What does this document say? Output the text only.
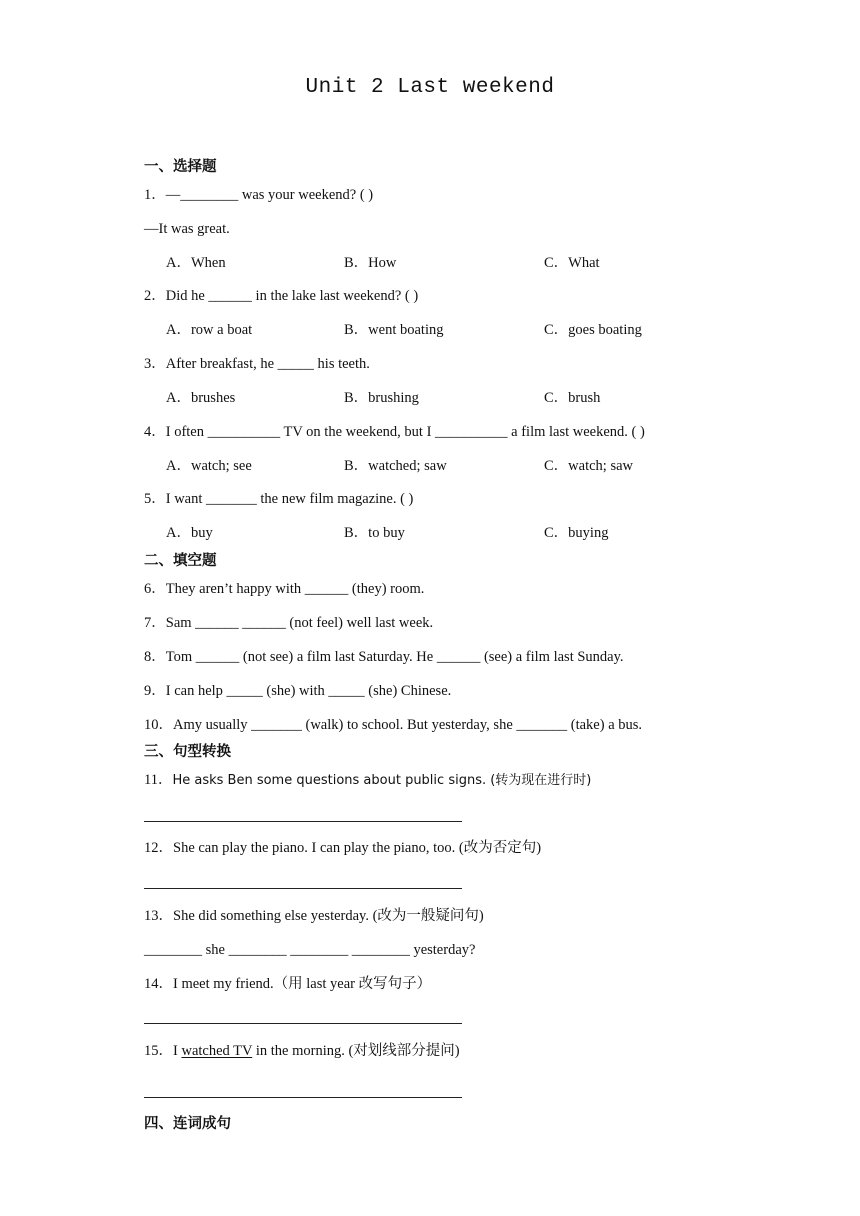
Unit 2 Last weekend
一、选择题
1．—________ was your weekend? ( )
—It was great.
A．When	B．How	C．What
2．Did he ______ in the lake last weekend? ( )
A．row a boat	B．went boating	C．goes boating
3．After breakfast, he _____ his teeth.
A．brushes	B．brushing	C．brush
4．I often __________ TV on the weekend, but I __________ a film last weekend. ( )
A．watch; see	B．watched; saw	C．watch; saw
5．I want _______ the new film magazine. ( )
A．buy	B．to buy	C．buying
二、填空题
6．They aren’t happy with ______ (they) room.
7．Sam ______ ______ (not feel) well last week.
8．Tom ______ (not see) a film last Saturday. He ______ (see) a film last Sunday.
9．I can help _____ (she) with _____ (she) Chinese.
10．Amy usually _______ (walk) to school. But yesterday, she _______ (take) a bus.
三、句型转换
11．He asks Ben some questions about public signs. (转为现在进行时)
12．She can play the piano. I can play the piano, too. (改为否定句)
13．She did something else yesterday. (改为一般疑问句)
________ she ________ ________ ________ yesterday?
14．I meet my friend.（用 last year 改写句子）
15．I watched TV in the morning. (对划线部分提问)
四、连词成句
